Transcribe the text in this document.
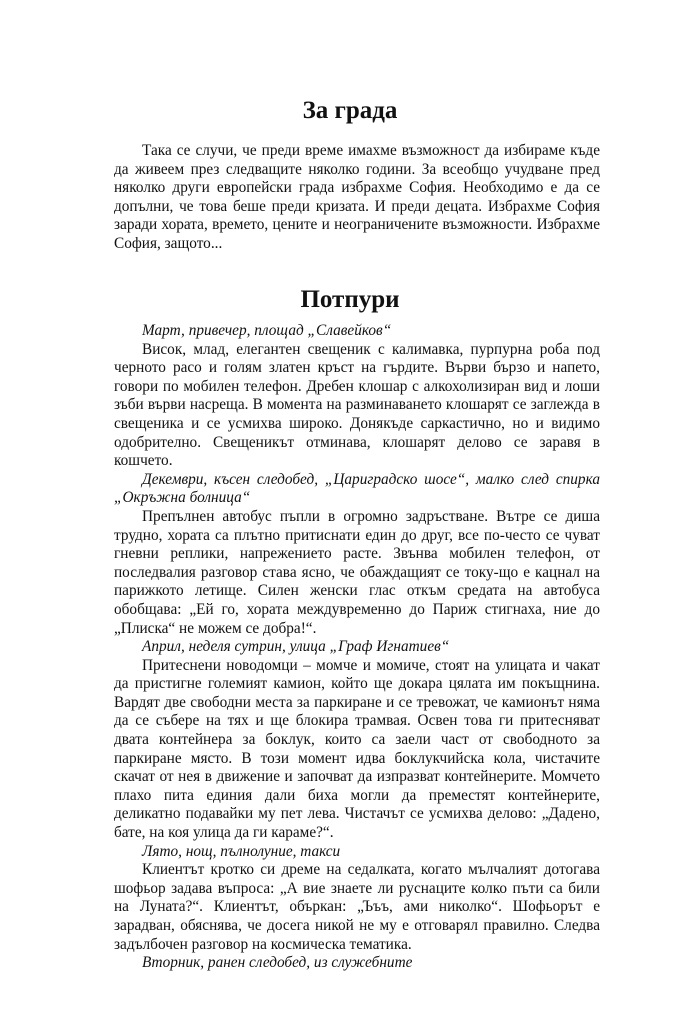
За града

Така се случи, че преди време имахме възможност да избираме къде да живеем през следващите няколко години. За всеобщо учудване пред няколко други европейски града избрахме София. Необходимо е да се допълни, че това беше преди кризата. И преди децата. Избрахме София заради хората, времето, цените и неограничените възможности. Избрахме София, защото...

Потпури

Март, привечер, площад „Славейков“

Висок, млад, елегантен свещеник с калимавка, пурпурна роба под черното расо и голям златен кръст на гърдите. Върви бързо и напето, говори по мобилен телефон. Дребен клошар с алкохолизиран вид и лоши зъби върви насреща. В момента на разминаването клошарят се заглежда в свещеника и се усмихва широко. Донякъде саркастично, но и видимо одобрително. Свещеникът отминава, клошарят делово се заравя в кошчето.

Декември, късен следобед, „Цариградско шосе“, малко след спирка „Окръжна болница“

Препълнен автобус пъпли в огромно задръстване. Вътре се диша трудно, хората са плътно притиснати един до друг, все по-често се чуват гневни реплики, напрежението расте. Звънва мобилен телефон, от последвалия разговор става ясно, че обаждащият се току-що е кацнал на парижкото летище. Силен женски глас откъм средата на автобуса обобщава: „Ей го, хората междувременно до Париж стигнаха, ние до „Плиска“ не можем се добра!“.

Април, неделя сутрин, улица „Граф Игнатиев“

Притеснени новодомци – момче и момиче, стоят на улицата и чакат да пристигне големият камион, който ще докара цялата им покъщнина. Вардят две свободни места за паркиране и се тревожат, че камионът няма да се събере на тях и ще блокира трамвая. Освен това ги притесняват двата контейнера за боклук, които са заели част от свободното за паркиране място. В този момент идва боклукчийска кола, чистачите скачат от нея в движение и започват да изпразват контейнерите. Момчето плахо пита единия дали биха могли да преместят контейнерите, деликатно подавайки му пет лева. Чистачът се усмихва делово: „Дадено, бате, на коя улица да ги караме?“.

Лято, нощ, пълнолуние, такси

Клиентът кротко си дреме на седалката, когато мълчалият дотогава шофьор задава въпроса: „А вие знаете ли руснаците колко пъти са били на Луната?“. Клиентът, объркан: „Ъъъ, ами николко“. Шофьорът е зарадван, обяснява, че досега никой не му е отговарял правилно. Следва задълбочен разговор на космическа тематика.

Вторник, ранен следобед, из служебните
